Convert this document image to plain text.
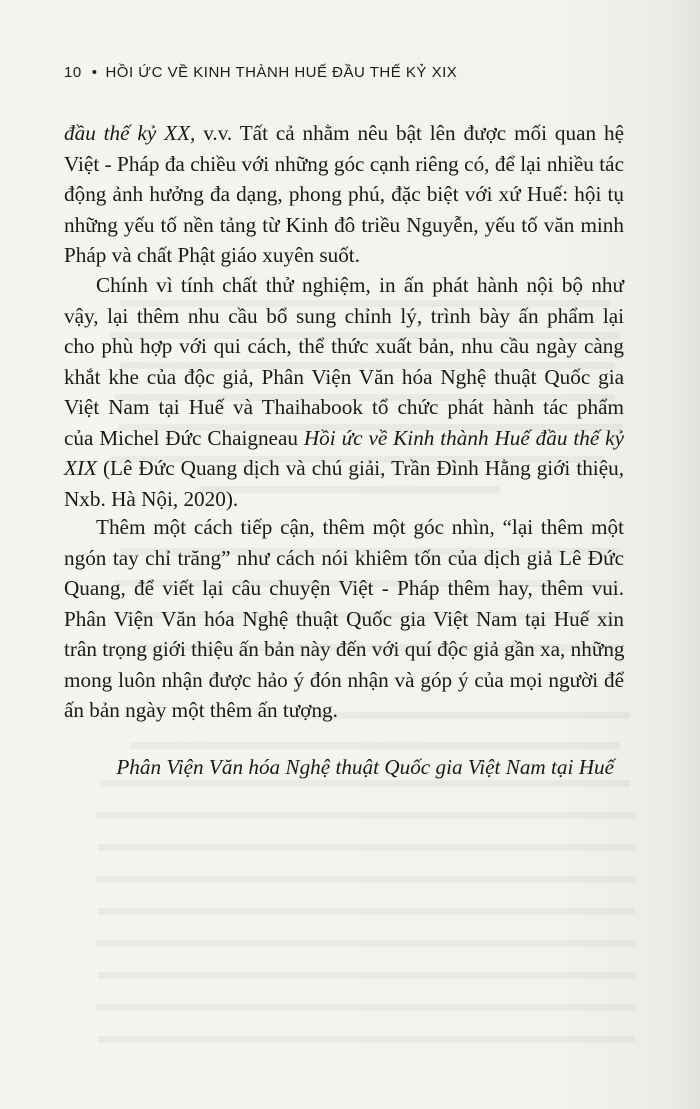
10 • HỒI ỨC VỀ KINH THÀNH HUẾ ĐẦU THẾ KỶ XIX
đầu thế kỷ XX, v.v. Tất cả nhằm nêu bật lên được mối quan hệ
Việt - Pháp đa chiều với những góc cạnh riêng có, để lại nhiều tác
động ảnh hưởng đa dạng, phong phú, đặc biệt với xứ Huế: hội tụ
những yếu tố nền tảng từ Kinh đô triều Nguyễn, yếu tố văn minh
Pháp và chất Phật giáo xuyên suốt.
Chính vì tính chất thử nghiệm, in ấn phát hành nội bộ như
vậy, lại thêm nhu cầu bổ sung chỉnh lý, trình bày ấn phẩm lại
cho phù hợp với qui cách, thể thức xuất bản, nhu cầu ngày càng
khắt khe của độc giả, Phân Viện Văn hóa Nghệ thuật Quốc gia
Việt Nam tại Huế và Thaihabook tổ chức phát hành tác phẩm
của Michel Đức Chaigneau Hồi ức về Kinh thành Huế đầu thế kỷ
XIX (Lê Đức Quang dịch và chú giải, Trần Đình Hằng giới thiệu,
Nxb. Hà Nội, 2020).
Thêm một cách tiếp cận, thêm một góc nhìn, “lại thêm một
ngón tay chỉ trăng” như cách nói khiêm tốn của dịch giả Lê Đức
Quang, để viết lại câu chuyện Việt - Pháp thêm hay, thêm vui.
Phân Viện Văn hóa Nghệ thuật Quốc gia Việt Nam tại Huế xin
trân trọng giới thiệu ấn bản này đến với quí độc giả gần xa, những
mong luôn nhận được hảo ý đón nhận và góp ý của mọi người để
ấn bản ngày một thêm ấn tượng.
Phân Viện Văn hóa Nghệ thuật Quốc gia Việt Nam tại Huế
